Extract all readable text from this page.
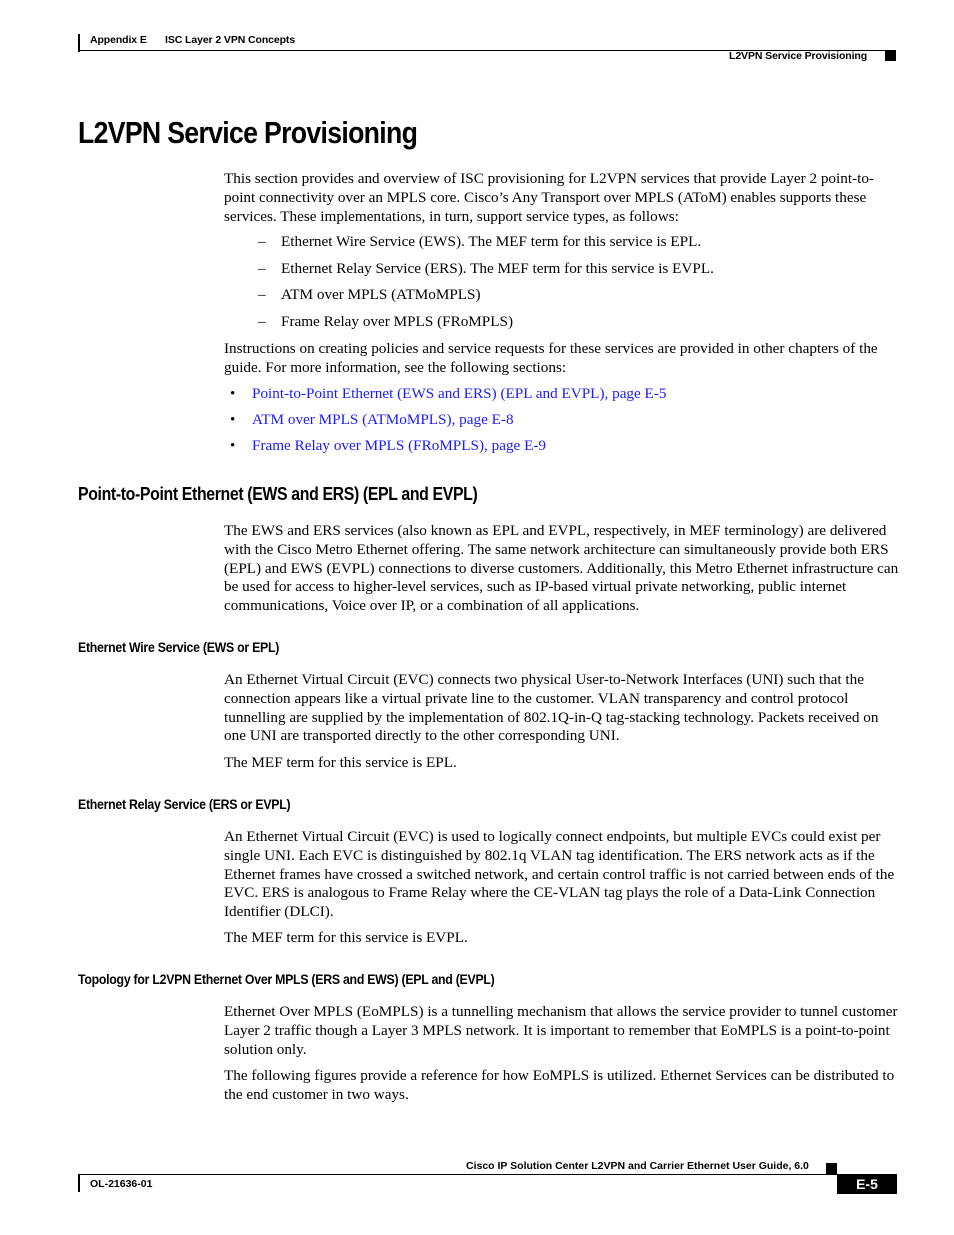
Appendix E ISC Layer 2 VPN Concepts
L2VPN Service Provisioning
L2VPN Service Provisioning

This section provides and overview of ISC provisioning for L2VPN services that provide Layer 2 point-to-point connectivity over an MPLS core. Cisco’s Any Transport over MPLS (AToM) enables supports these services. These implementations, in turn, support service types, as follows:

– Ethernet Wire Service (EWS). The MEF term for this service is EPL.
– Ethernet Relay Service (ERS). The MEF term for this service is EVPL.
– ATM over MPLS (ATMoMPLS)
– Frame Relay over MPLS (FRoMPLS)

Instructions on creating policies and service requests for these services are provided in other chapters of the guide. For more information, see the following sections:

• Point-to-Point Ethernet (EWS and ERS) (EPL and EVPL), page E-5
• ATM over MPLS (ATMoMPLS), page E-8
• Frame Relay over MPLS (FRoMPLS), page E-9
Point-to-Point Ethernet (EWS and ERS) (EPL and EVPL)

The EWS and ERS services (also known as EPL and EVPL, respectively, in MEF terminology) are delivered with the Cisco Metro Ethernet offering. The same network architecture can simultaneously provide both ERS (EPL) and EWS (EVPL) connections to diverse customers. Additionally, this Metro Ethernet infrastructure can be used for access to higher-level services, such as IP-based virtual private networking, public internet communications, Voice over IP, or a combination of all applications.

Ethernet Wire Service (EWS or EPL)

An Ethernet Virtual Circuit (EVC) connects two physical User-to-Network Interfaces (UNI) such that the connection appears like a virtual private line to the customer. VLAN transparency and control protocol tunnelling are supplied by the implementation of 802.1Q-in-Q tag-stacking technology. Packets received on one UNI are transported directly to the other corresponding UNI.

The MEF term for this service is EPL.

Ethernet Relay Service (ERS or EVPL)

An Ethernet Virtual Circuit (EVC) is used to logically connect endpoints, but multiple EVCs could exist per single UNI. Each EVC is distinguished by 802.1q VLAN tag identification. The ERS network acts as if the Ethernet frames have crossed a switched network, and certain control traffic is not carried between ends of the EVC. ERS is analogous to Frame Relay where the CE-VLAN tag plays the role of a Data-Link Connection Identifier (DLCI).

The MEF term for this service is EVPL.

Topology for L2VPN Ethernet Over MPLS (ERS and EWS) (EPL and (EVPL)

Ethernet Over MPLS (EoMPLS) is a tunnelling mechanism that allows the service provider to tunnel customer Layer 2 traffic though a Layer 3 MPLS network. It is important to remember that EoMPLS is a point-to-point solution only.

The following figures provide a reference for how EoMPLS is utilized. Ethernet Services can be distributed to the end customer in two ways.

Cisco IP Solution Center L2VPN and Carrier Ethernet User Guide, 6.0
OL-21636-01	E-5
